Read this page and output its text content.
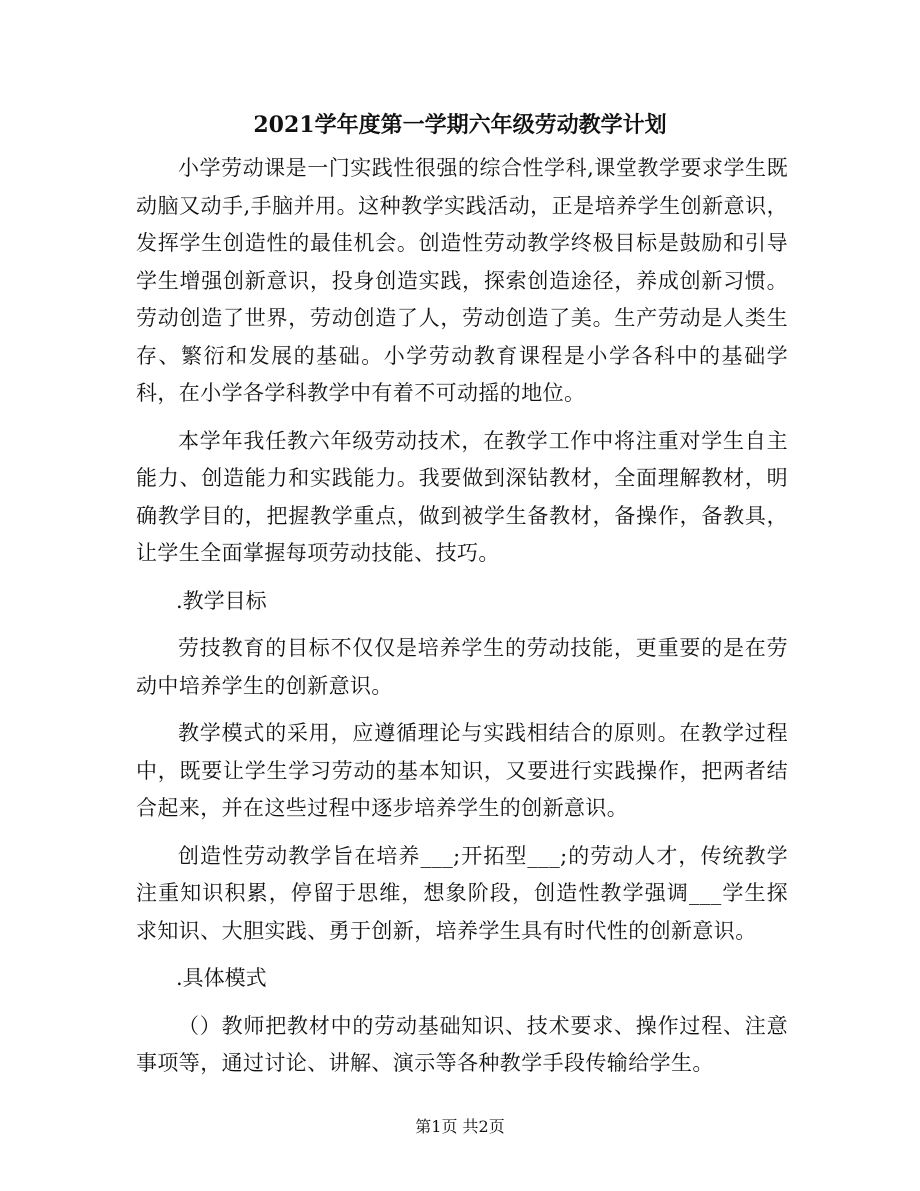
2021学年度第一学期六年级劳动教学计划

小学劳动课是一门实践性很强的综合性学科,课堂教学要求学生既动脑又动手,手脑并用。这种教学实践活动，正是培养学生创新意识，发挥学生创造性的最佳机会。创造性劳动教学终极目标是鼓励和引导学生增强创新意识，投身创造实践，探索创造途径，养成创新习惯。劳动创造了世界，劳动创造了人，劳动创造了美。生产劳动是人类生存、繁衍和发展的基础。小学劳动教育课程是小学各科中的基础学科，在小学各学科教学中有着不可动摇的地位。

本学年我任教六年级劳动技术，在教学工作中将注重对学生自主能力、创造能力和实践能力。我要做到深钻教材，全面理解教材，明确教学目的，把握教学重点，做到被学生备教材，备操作，备教具，让学生全面掌握每项劳动技能、技巧。

.教学目标

劳技教育的目标不仅仅是培养学生的劳动技能，更重要的是在劳动中培养学生的创新意识。

教学模式的采用，应遵循理论与实践相结合的原则。在教学过程中，既要让学生学习劳动的基本知识，又要进行实践操作，把两者结合起来，并在这些过程中逐步培养学生的创新意识。

创造性劳动教学旨在培养___;开拓型___;的劳动人才，传统教学注重知识积累，停留于思维，想象阶段，创造性教学强调___学生探求知识、大胆实践、勇于创新，培养学生具有时代性的创新意识。

.具体模式

（）教师把教材中的劳动基础知识、技术要求、操作过程、注意事项等，通过讨论、讲解、演示等各种教学手段传输给学生。

第1页 共2页
